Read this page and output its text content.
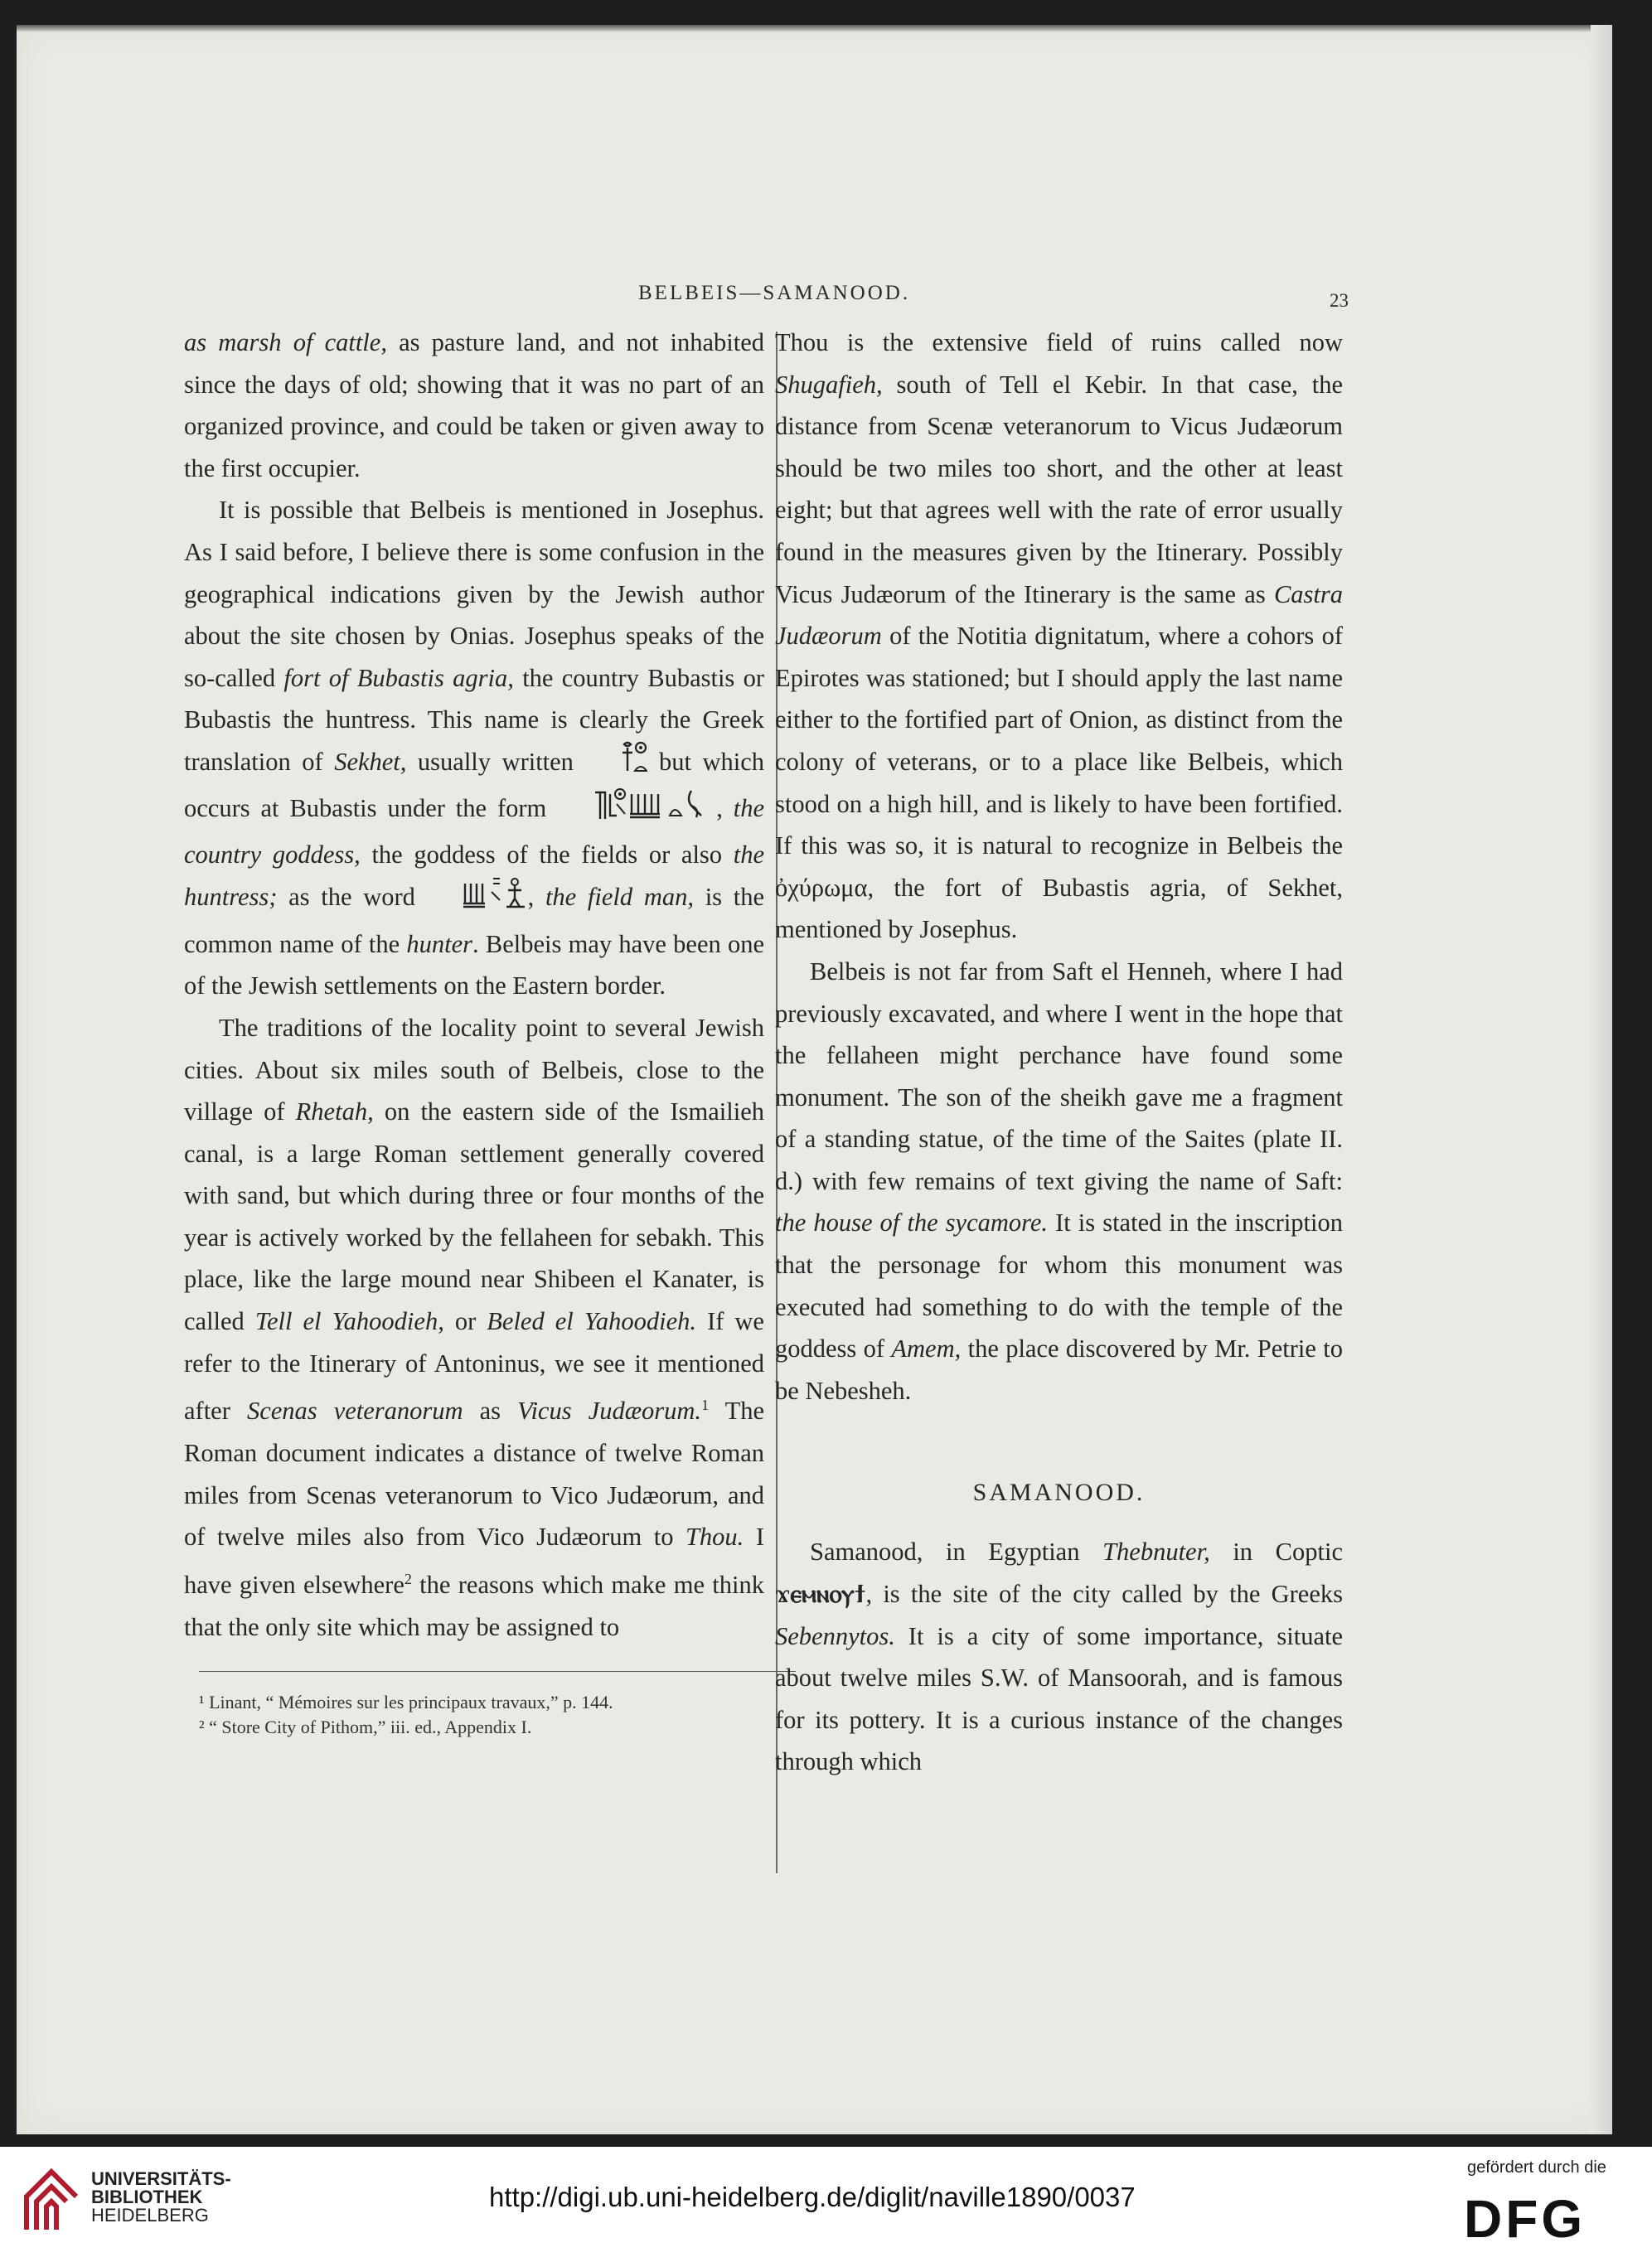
BELBEIS—SAMANOOD.	23

as marsh of cattle, as pasture land, and not inhabited since the days of old; showing that it was no part of an organized province, and could be taken or given away to the first occupier.

It is possible that Belbeis is mentioned in Josephus. As I said before, I believe there is some confusion in the geographical indications given by the Jewish author about the site chosen by Onias. Josephus speaks of the so-called fort of Bubastis agria, the country Bubastis or Bubastis the huntress. This name is clearly the Greek translation of Sekhet, usually written  but which occurs at Bubastis under the form	, the country goddess, the goddess of the fields or also the huntress; as the word	, the field man, is the common name of the hunter. Belbeis may have been one of the Jewish settlements on the Eastern border.

The traditions of the locality point to several Jewish cities. About six miles south of Belbeis, close to the village of Rhetah, on the eastern side of the Ismailieh canal, is a large Roman settlement generally covered with sand, but which during three or four months of the year is actively worked by the fellaheen for sebakh. This place, like the large mound near Shibeen el Kanater, is called Tell el Yahoodieh, or Beled el Yahoodieh. If we refer to the Itinerary of Antoninus, we see it mentioned after Scenas veteranorum as Vicus Judæorum.$^1$ The Roman document indicates a distance of twelve Roman miles from Scenas veteranorum to Vico Judæorum, and of twelve miles also from Vico Judæorum to Thou. I have given elsewhere$^2$ the reasons which make me think that the only site which may be assigned to

¹ Linant, “ Mémoires sur les principaux travaux,” p. 144.

² “ Store City of Pithom,” iii. ed., Appendix I.

Thou is the extensive field of ruins called now Shugafieh, south of Tell el Kebir. In that case, the distance from Scenæ veteranorum to Vicus Judæorum should be two miles too short, and the other at least eight; but that agrees well with the rate of error usually found in the measures given by the Itinerary. Possibly Vicus Judæorum of the Itinerary is the same as Castra Judæorum of the Notitia dignitatum, where a cohors of Epirotes was stationed; but I should apply the last name either to the fortified part of Onion, as distinct from the colony of veterans, or to a place like Belbeis, which stood on a high hill, and is likely to have been fortified. If this was so, it is natural to recognize in Belbeis the ὀχύρωμα, the fort of Bubastis agria, of Sekhet, mentioned by Josephus.

Belbeis is not far from Saft el Henneh, where I had previously excavated, and where I went in the hope that the fellaheen might perchance have found some monument. The son of the sheikh gave me a fragment of a standing statue, of the time of the Saites (plate II. d.) with few remains of text giving the name of Saft: the house of the sycamore. It is stated in the inscription that the personage for whom this monument was executed had something to do with the temple of the goddess of Amem, the place discovered by Mr. Petrie to be Nebesheh.

SAMANOOD.

Samanood, in Egyptian Thebnuter, in Coptic ϫⲉⲙⲛⲟⲩϯ, is the site of the city called by the Greeks Sebennytos. It is a city of some importance, situate about twelve miles S.W. of Mansoorah, and is famous for its pottery. It is a curious instance of the changes through which

UNIVERSITÄTS-
BIBLIOTHEK
HEIDELBERG
http://digi.ub.uni-heidelberg.de/diglit/naville1890/0037
gefördert durch die
DFG
